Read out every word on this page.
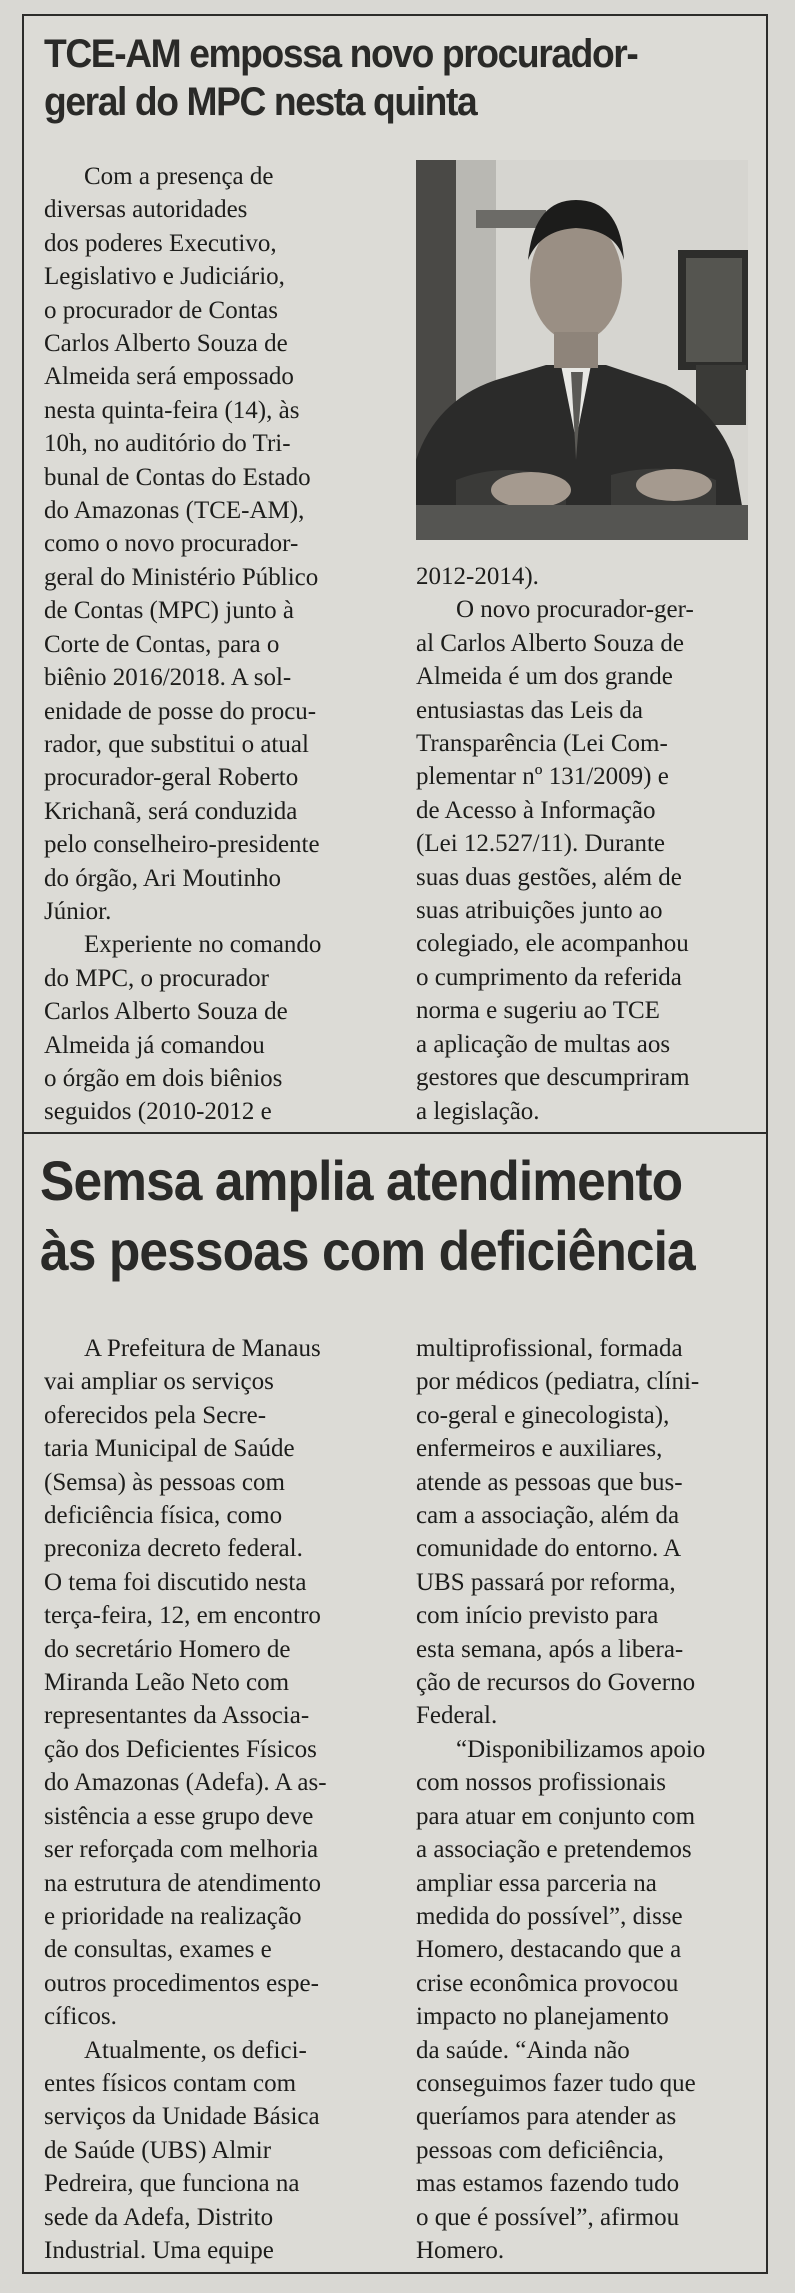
TCE-AM empossa novo procurador-
geral do MPC nesta quinta

Com a presença de

diversas autoridades

dos poderes Executivo,

Legislativo e Judiciário,

o procurador de Contas

Carlos Alberto Souza de

Almeida será empossado

nesta quinta-feira (14), às

10h, no auditório do Tri-

bunal de Contas do Estado

do Amazonas (TCE-AM),

como o novo procurador-

geral do Ministério Público

de Contas (MPC) junto à

Corte de Contas, para o

biênio 2016/2018. A sol-

enidade de posse do procu-

rador, que substitui o atual

procurador-geral Roberto

Krichanã, será conduzida

pelo conselheiro-presidente

do órgão, Ari Moutinho

Júnior.

Experiente no comando

do MPC, o procurador

Carlos Alberto Souza de

Almeida já comandou

o órgão em dois biênios

seguidos (2010-2012 e

2012-2014).

O novo procurador-ger-

al Carlos Alberto Souza de

Almeida é um dos grande

entusiastas das Leis da

Transparência (Lei Com-

plementar nº 131/2009) e

de Acesso à Informação

(Lei 12.527/11). Durante

suas duas gestões, além de

suas atribuições junto ao

colegiado, ele acompanhou

o cumprimento da referida

norma e sugeriu ao TCE

a aplicação de multas aos

gestores que descumpriram

a legislação.

Semsa amplia atendimento
às pessoas com deficiência

A Prefeitura de Manaus

vai ampliar os serviços

oferecidos pela Secre-

taria Municipal de Saúde

(Semsa) às pessoas com

deficiência física, como

preconiza decreto federal.

O tema foi discutido nesta

terça-feira, 12, em encontro

do secretário Homero de

Miranda Leão Neto com

representantes da Associa-

ção dos Deficientes Físicos

do Amazonas (Adefa). A as-

sistência a esse grupo deve

ser reforçada com melhoria

na estrutura de atendimento

e prioridade na realização

de consultas, exames e

outros procedimentos espe-

cíficos.

Atualmente, os defici-

entes físicos contam com

serviços da Unidade Básica

de Saúde (UBS) Almir

Pedreira, que funciona na

sede da Adefa, Distrito

Industrial. Uma equipe

multiprofissional, formada

por médicos (pediatra, clíni-

co-geral e ginecologista),

enfermeiros e auxiliares,

atende as pessoas que bus-

cam a associação, além da

comunidade do entorno. A

UBS passará por reforma,

com início previsto para

esta semana, após a libera-

ção de recursos do Governo

Federal.

“Disponibilizamos apoio

com nossos profissionais

para atuar em conjunto com

a associação e pretendemos

ampliar essa parceria na

medida do possível”, disse

Homero, destacando que a

crise econômica provocou

impacto no planejamento

da saúde. “Ainda não

conseguimos fazer tudo que

queríamos para atender as

pessoas com deficiência,

mas estamos fazendo tudo

o que é possível”, afirmou

Homero.
